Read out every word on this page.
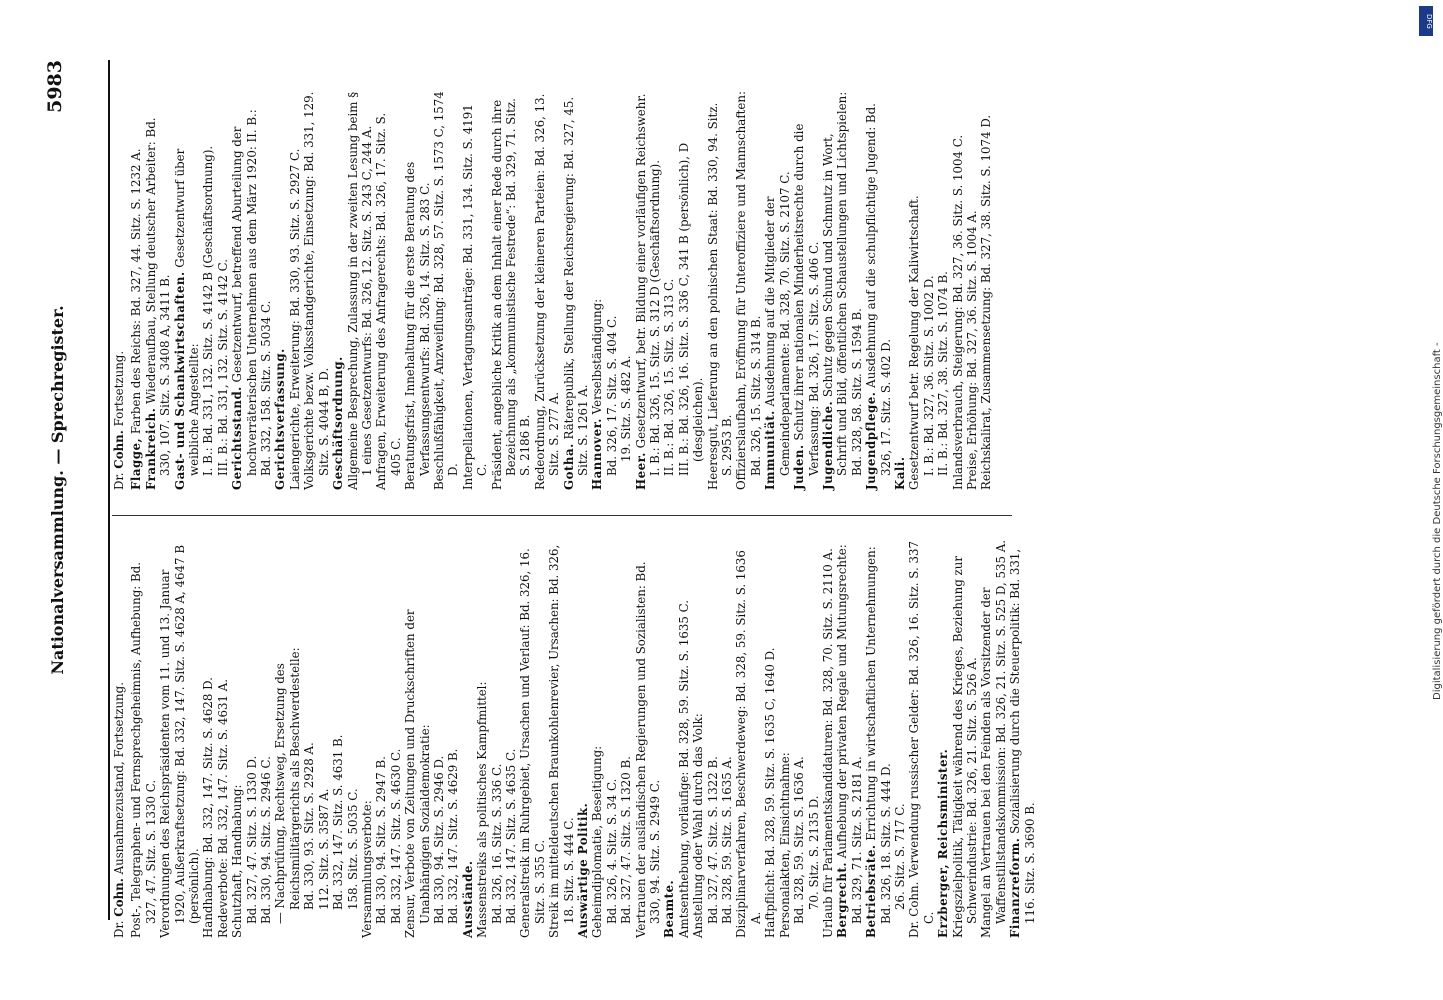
Nationalversammlung. — Sprechregister.
5983
Dr. Cohn. Ausnahmezustand, Fortsetzung. Post-, Telegraphen- und Fernsprechgeheimnis, Aufhebung: Bd. 327, 47. Sitz. S. 1330 C. Verordnungen des Reichspräsidenten vom 11. und 13. Januar 1920, Außerkraftsetzung: Bd. 332, 147. Sitz. S. 4628 A, 4647 B (persönlich). Handhabung: Bd. 332, 147. Sitz. S. 4628 D. Redeverbote: Bd. 332, 147. Sitz. S. 4631 A. Schutzhaft, Handhabung: Bd. 327, 47. Sitz. S. 1330 D. Bd. 330, 94. Sitz. S. 2946 C. — Nachprüfung, Rechtsweg, Ersetzung des Reichsmilitärgerichts als Beschwerdestelle: Bd. 330, 93. Sitz. S. 2928 A. 112. Sitz. S. 3587 A. Bd. 332, 147. Sitz. S. 4631 B. 158. Sitz. S. 5035 C. Versammlungsverbote: Bd. 330, 94. Sitz. S. 2947 B. Bd. 332, 147. Sitz. S. 4630 C. Zensur, Verbote von Zeitungen und Druckschriften der Unabhängigen Sozialdemokratie: Bd. 330, 94. Sitz. S. 2946 D. Bd. 332, 147. Sitz. S. 4629 B. Ausstände. Massenstreiks als politisches Kampfmittel: Bd. 326, 16. Sitz. S. 336 C. Bd. 332, 147. Sitz. S. 4635 C. Generalstreik im Ruhrgebiet, Ursachen und Verlauf: Bd. 326, 16. Sitz. S. 355 C. Streik im mitteldeutschen Braunkohlenrevier, Ursachen: Bd. 326, 18. Sitz. S. 444 C. Auswärtige Politik. Geheimdiplomatie, Beseitigung: Bd. 326, 4. Sitz. S. 34 C. Bd. 327, 47. Sitz. S. 1320 B. Vertrauen der ausländischen Regierungen und Sozialisten: Bd. 330, 94. Sitz. S. 2949 C. Beamte. Amtsenthebung, vorläufige: Bd. 328, 59. Sitz. S. 1635 C. Anstellung oder Wahl durch das Volk: Bd. 327, 47. Sitz. S. 1322 B. Bd. 328, 59. Sitz. S. 1635 A. Disziplinarverfahren, Beschwerdeweg: Bd. 328, 59. Sitz. S. 1636 A. Haftpflicht: Bd. 328, 59. Sitz. S. 1635 C, 1640 D. Personalakten, Einsichtnahme: Bd. 328, 59. Sitz. S. 1636 A. 70. Sitz. S. 2135 D. Urlaub für Parlamentskandidaturen: Bd. 328, 70. Sitz. S. 2110 A. Bergrecht. Aufhebung der privaten Regale und Mutungsrechte: Bd. 329, 71. Sitz. S. 2181 A. Betriebsräte. Errichtung in wirtschaftlichen Unternehmungen:
Bd. 326, 18. Sitz. S. 444 D. 26. Sitz. S. 717 C. Dr. Cohn. Verwendung russischer Gelder: Bd. 326, 16. Sitz. S. 337 C. Erzberger, Reichsminister. Kriegszielpolitik, Tätigkeit während des Krieges, Beziehung zur Schwerindustrie: Bd. 326, 21. Sitz. S. 526 A. Mangel an Vertrauen bei den Feinden als Vorsitzender der Waffenstillstandskommission: Bd. 326, 21. Sitz. S. 525 D, 535 A. Finanzreform. Sozialisierung durch die Steuerpolitik: Bd. 331, 116. Sitz. S. 3690 B.
Dr. Cohn. Fortsetzung.
Flagge, Farben des Reichs: Bd. 327, 44. Sitz. S. 1232 A.
Frankreich. Wiederaufbau, Stellung deutscher Arbeiter: Bd. 330, 107. Sitz. S. 3408 A, 3411 B. Gast- und Schankwirtschaften. Gesetzentwurf über weibliche Angestellte: I. B.: Bd. 331, 132. Sitz. S. 4142 B (Geschäftsordnung). III. B.: Bd. 331, 132. Sitz. S. 4142 C. Gerichtsstand. Gesetzentwurf, betreffend Aburteilung der hochverräterischen Unternehmen aus dem März 1920: II. B.: Bd. 332, 158. Sitz. S. 5034 C. Gerichtsverfassung. Laiengerichte, Erweiterung: Bd. 330, 93. Sitz. S. 2927 C. Volksgerichte bezw. Volksstandgerichte, Einsetzung: Bd. 331, 129. Sitz. S. 4044 B, D. Geschäftsordnung. Allgemeine Besprechung, Zulassung in der zweiten Lesung beim § 1 eines Gesetzentwurfs: Bd. 326, 12. Sitz. S. 243 C, 244 A. Anfragen, Erweiterung des Anfragerechts: Bd. 326, 17. Sitz. S. 405 C. Beratungsfrist, Innehaltung für die erste Beratung des Verfassungsentwurfs: Bd. 326, 14. Sitz. S. 283 C. Beschlußfähigkeit, Anzweiflung: Bd. 328, 57. Sitz. S. 1573 C, 1574 D. Interpellationen, Vertagungsanträge: Bd. 331, 134. Sitz. S. 4191 C. Präsident, angebliche Kritik an dem Inhalt einer Rede durch ihre Bezeichnung als „kommunistische Festrede“: Bd. 329, 71. Sitz. S. 2186 B. Redeordnung, Zurücksetzung der kleineren Parteien: Bd. 326, 13. Sitz. S. 277 A. Gotha. Räterepublik, Stellung der Reichsregierung: Bd. 327, 45. Sitz. S. 1261 A. Hannover. Verselbständigung: Bd. 326, 17. Sitz. S. 404 C. 19. Sitz. S. 482 A.
Heer. Gesetzentwurf, betr. Bildung einer vorläufigen Reichswehr. I. B.: Bd. 326, 15. Sitz. S. 312 D (Geschäftsordnung). II. B.: Bd. 326, 15. Sitz. S. 313 C. III. B.: Bd. 326, 16. Sitz. S. 336 C, 341 B (persönlich), D (desgleichen). Heeresgut, Lieferung an den polnischen Staat: Bd. 330, 94. Sitz. S. 2953 B. Offizierslaufbahn, Eröffnung für Unteroffiziere und Mannschaften: Bd. 326, 15. Sitz. S. 314 B. Immunität. Ausdehnung auf die Mitglieder der Gemeindeparlamente: Bd. 328, 70. Sitz. S. 2107 C. Juden. Schutz ihrer nationalen Minderheitsrechte durch die Verfassung: Bd. 326, 17. Sitz. S. 406 C. Jugendliche. Schutz gegen Schund und Schmutz in Wort, Schrift und Bild, öffentlichen Schaustellungen und Lichtspielen: Bd. 328, 58. Sitz. S. 1594 B. Jugendpflege. Ausdehnung auf die schulpflichtige Jugend: Bd. 326, 17. Sitz. S. 402 D. Kali. Gesetzentwurf betr. Regelung der Kaliwirtschaft. I. B.: Bd. 327, 36. Sitz. S. 1002 D. II. B.: Bd. 327, 38. Sitz. S. 1074 B. Inlandsverbrauch, Steigerung: Bd. 327, 36. Sitz. S. 1004 C. Preise, Erhöhung: Bd. 327, 36. Sitz. S. 1004 A. Reichskalirat, Zusammensetzung: Bd. 327, 38. Sitz. S. 1074 D.
DFG
Digitalisierung gefördert durch die Deutsche Forschungsgemeinschaft -
